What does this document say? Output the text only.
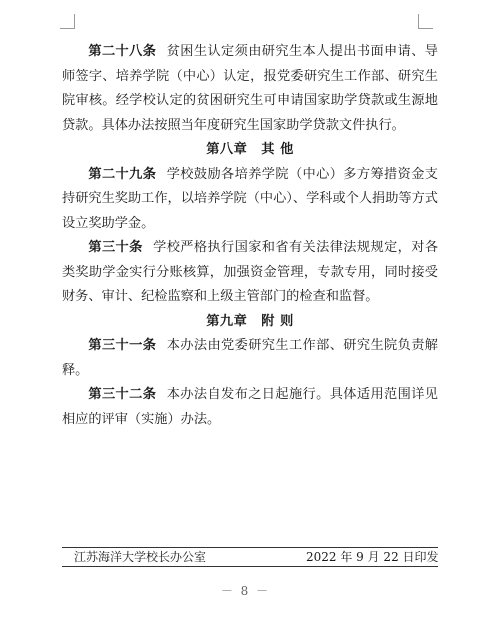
第二十八条 贫困生认定须由研究生本人提出书面申请、导师签字、培养学院（中心）认定，报党委研究生工作部、研究生院审核。经学校认定的贫困研究生可申请国家助学贷款或生源地贷款。具体办法按照当年度研究生国家助学贷款文件执行。

第八章 其 他

第二十九条 学校鼓励各培养学院（中心）多方筹措资金支持研究生奖助工作，以培养学院（中心）、学科或个人捐助等方式设立奖助学金。

第三十条 学校严格执行国家和省有关法律法规规定，对各类奖助学金实行分账核算，加强资金管理，专款专用，同时接受财务、审计、纪检监察和上级主管部门的检查和监督。

第九章 附 则

第三十一条 本办法由党委研究生工作部、研究生院负责解释。

第三十二条 本办法自发布之日起施行。具体适用范围详见相应的评审（实施）办法。

江苏海洋大学校长办公室	2022 年 9 月 22 日印发
－ 8 －
